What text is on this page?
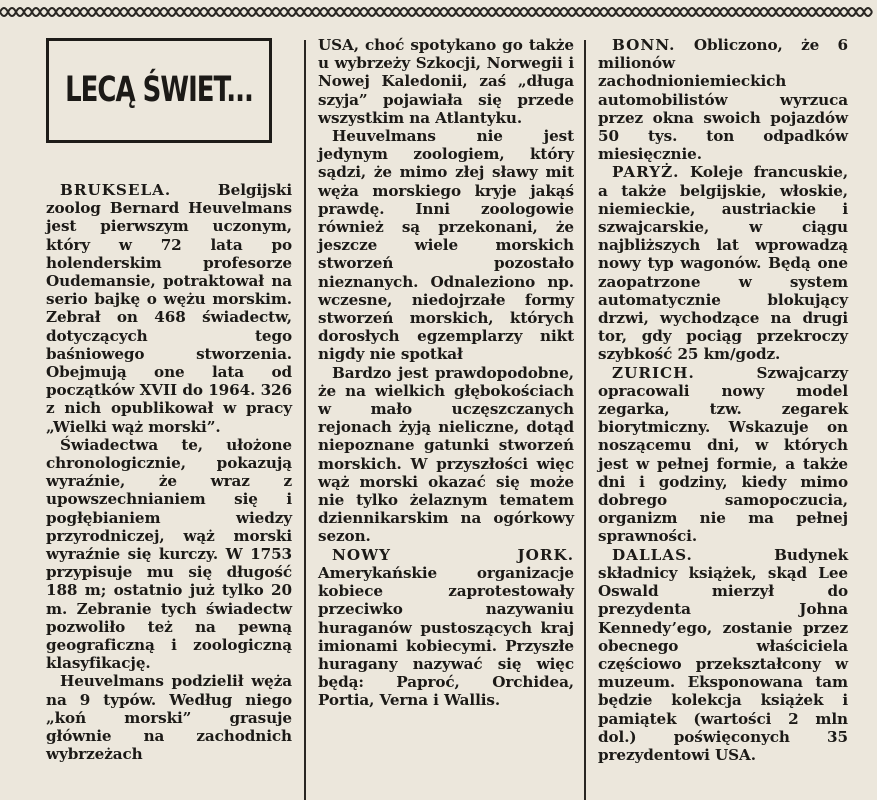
LECĄ ŚWIET...

BRUKSELA.	Belgijski zoolog Bernard Heuvelmans jest pierwszym uczonym, który w 72 lata po holenderskim profesorze Oudemansie, potraktował na serio bajkę o wężu morskim. Zebrał on 468 świadectw, dotyczących tego baśniowego stworzenia. Obejmują one lata od początków XVII do 1964. 326 z nich opublikował w pracy „Wielki wąż morski”.

Świadectwa te, ułożone chronologicznie, pokazują wyraźnie, że wraz z upowszechnianiem się i pogłębianiem wiedzy przyrodniczej, wąż morski wyraźnie się kurczy. W 1753 przypisuje mu się długość 188 m; ostatnio już tylko 20 m. Zebranie tych świadectw pozwoliło też na pewną geograficzną i zoologiczną klasyfikację.

Heuvelmans podzielił węża na 9 typów. Według niego „koń morski” grasuje głównie na zachodnich wybrzeżach

USA, choć spotykano go także u wybrzeży Szkocji, Norwegii i Nowej Kaledonii, zaś „długa szyja” pojawiała się przede wszystkim na Atlantyku.

Heuvelmans nie jest jedynym zoologiem, który sądzi, że mimo złej sławy mit węża morskiego kryje jakąś prawdę. Inni zoologowie również są przekonani, że jeszcze wiele morskich stworzeń pozostało nieznanych. Odnaleziono np. wczesne, niedojrzałe formy stworzeń morskich, których dorosłych egzemplarzy nikt nigdy nie spotkał

Bardzo jest prawdopodobne, że na wielkich głębokościach w mało uczęszczanych rejonach żyją nieliczne, dotąd niepoznane gatunki stworzeń morskich. W przyszłości więc wąż morski okazać się może nie tylko żelaznym tematem dziennikarskim na ogórkowy sezon.

NOWY JORK. Amerykańskie organizacje kobiece zaprotestowały przeciwko nazywaniu huraganów pustoszących kraj imionami kobiecymi. Przyszłe huragany nazywać się więc będą: Paproć, Orchidea, Portia, Verna i Wallis.

BONN. Obliczono, że 6 milionów zachodnioniemieckich automobilistów wyrzuca przez okna swoich pojazdów 50 tys. ton odpadków miesięcznie.

PARYŻ. Koleje francuskie, a także belgijskie, włoskie, niemieckie, austriackie i szwajcarskie, w ciągu najbliższych lat wprowadzą nowy typ wagonów. Będą one zaopatrzone w system automatycznie blokujący drzwi, wychodzące na drugi tor, gdy pociąg przekroczy szybkość 25 km/godz.

ZURICH.	Szwajcarzy opracowali nowy model zegarka, tzw. zegarek biorytmiczny. Wskazuje on noszącemu dni, w których jest w pełnej formie, a także dni i godziny, kiedy mimo dobrego samopoczucia, organizm nie ma pełnej sprawności.

DALLAS.	Budynek składnicy książek, skąd Lee Oswald mierzył do prezydenta Johna Kennedy’ego, zostanie przez obecnego właściciela częściowo przekształcony w muzeum. Eksponowana tam będzie kolekcja książek i pamiątek (wartości 2 mln dol.) poświęconych 35 prezydentowi USA.
